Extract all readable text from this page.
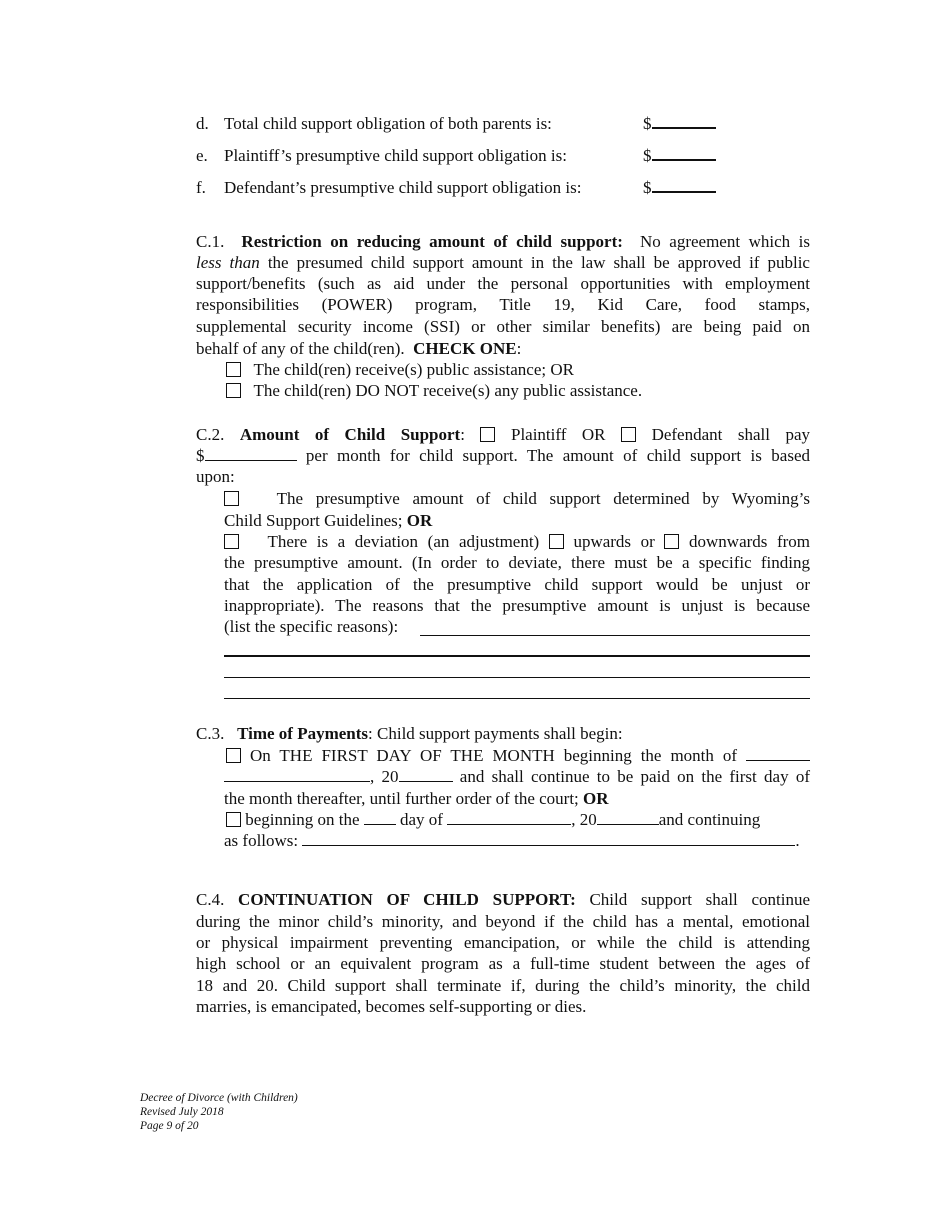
d. Total child support obligation of both parents is:	$
e. Plaintiff’s presumptive child support obligation is:	$
f. Defendant’s presumptive child support obligation is:	$
C.1. Restriction on reducing amount of child support: No agreement which is
less than the presumed child support amount in the law shall be approved if public
support/benefits (such as aid under the personal opportunities with employment
responsibilities (POWER) program, Title 19, Kid Care, food stamps,
supplemental security income (SSI) or other similar benefits) are being paid on
behalf of any of the child(ren). CHECK ONE:
The child(ren) receive(s) public assistance; OR
The child(ren) DO NOT receive(s) any public assistance.
C.2. Amount of Child Support:	Plaintiff OR	Defendant shall pay
$	per month for child support. The amount of child support is based
upon:
The presumptive amount of child support determined by Wyoming’s
Child Support Guidelines; OR
There is a deviation (an adjustment) upwards or downwards from
the presumptive amount. (In order to deviate, there must be a specific finding
that the application of the presumptive child support would be unjust or
inappropriate). The reasons that the presumptive amount is unjust is because
(list the specific reasons):
C.3. Time of Payments: Child support payments shall begin:
On THE FIRST DAY OF THE MONTH beginning the month of
, 20	and shall continue to be paid on the first day of
the month thereafter, until further order of the court; OR
beginning on the day of	, 20	and continuing
as follows:	.
C.4. CONTINUATION OF CHILD SUPPORT: Child support shall continue
during the minor child’s minority, and beyond if the child has a mental, emotional
or physical impairment preventing emancipation, or while the child is attending
high school or an equivalent program as a full-time student between the ages of
18 and 20. Child support shall terminate if, during the child’s minority, the child
marries, is emancipated, becomes self-supporting or dies.
Decree of Divorce (with Children)
Revised July 2018
Page 9 of 20
